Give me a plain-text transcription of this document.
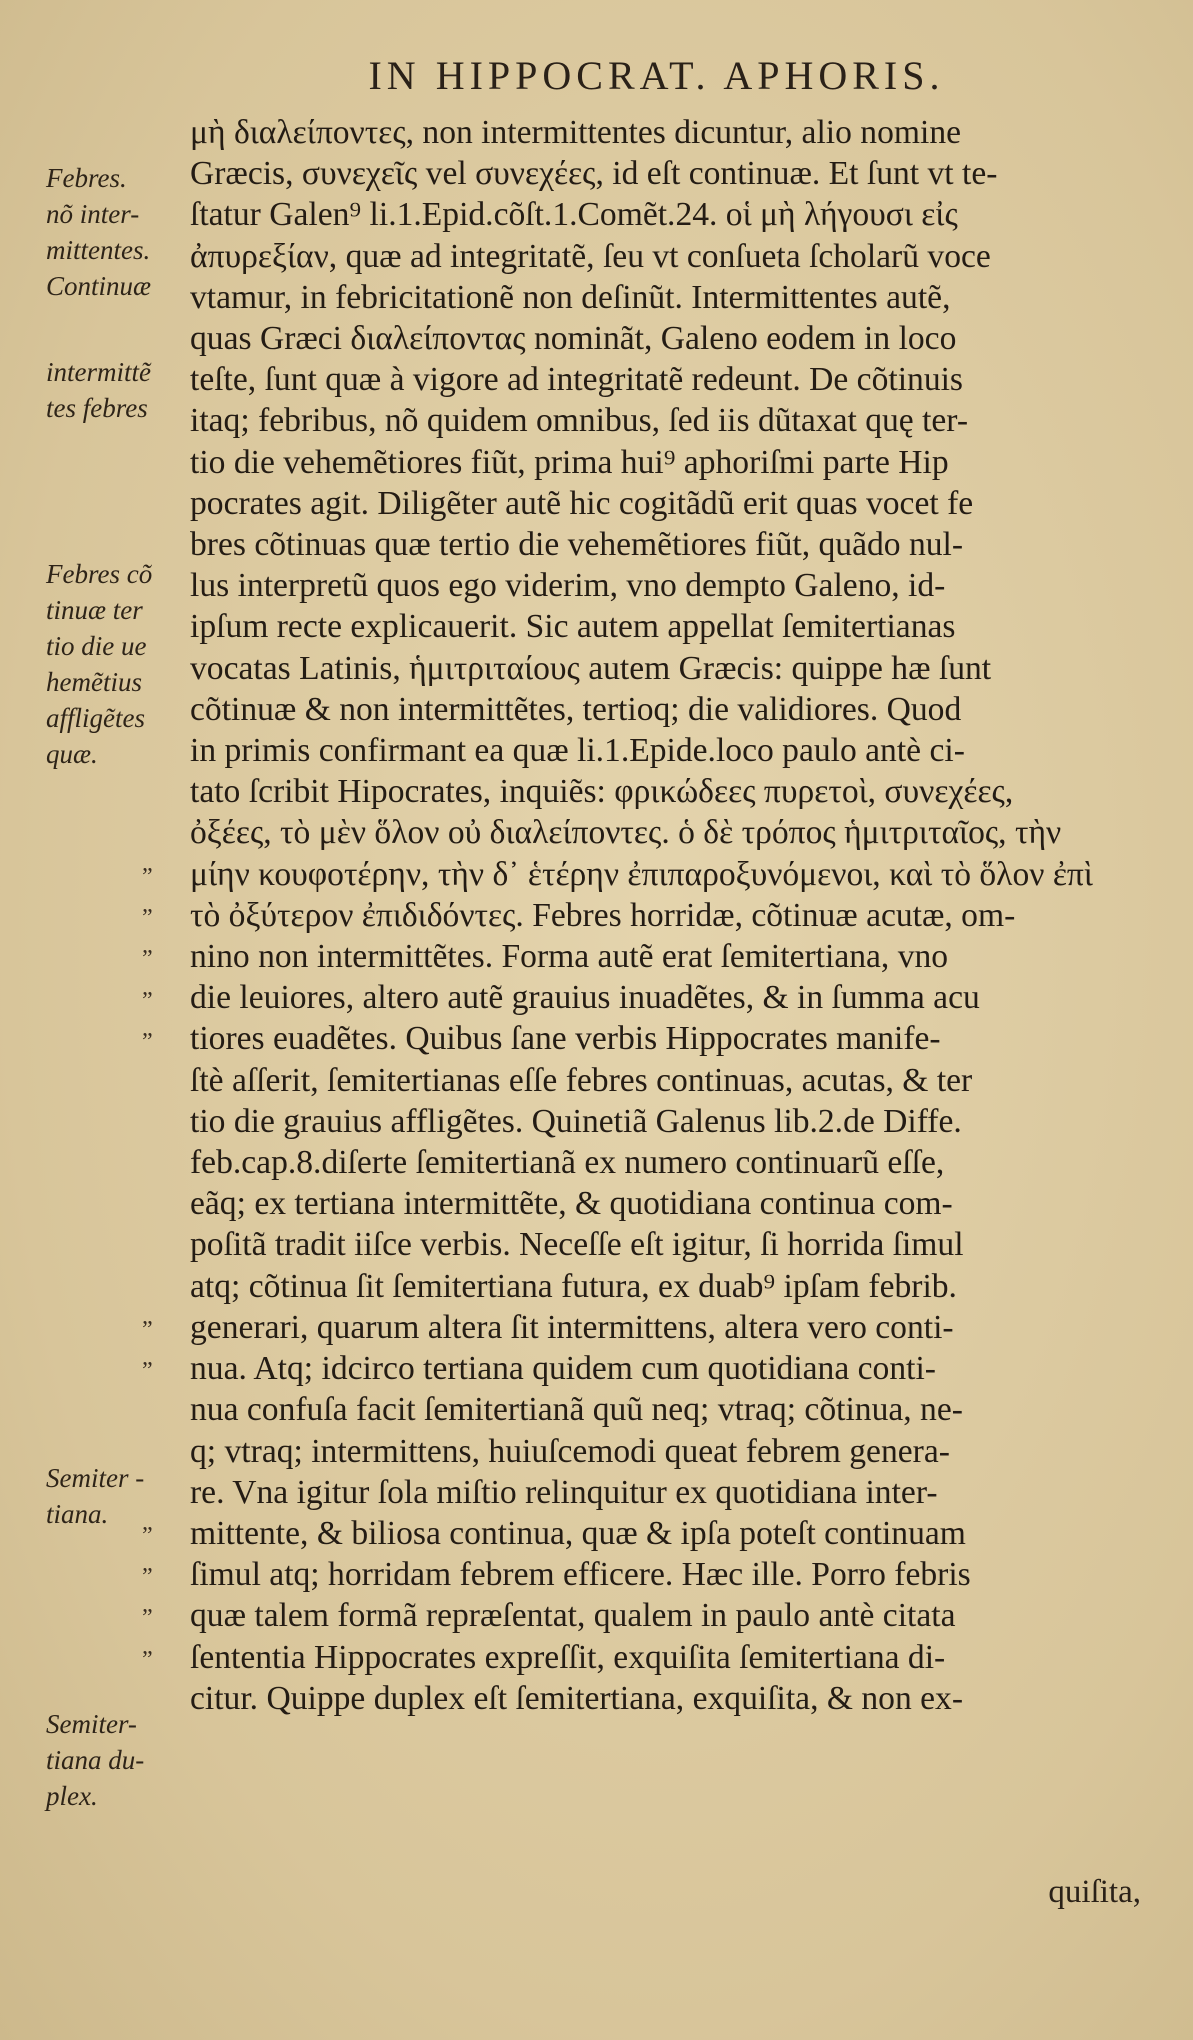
IN HIPPOCRAT. APHORIS.
Febres.
nõ inter-
mittentes.
Continuæ
intermittẽ
tes febres
Febres cõ
tinuæ ter
tio die ue
hemẽtius
affligẽtes
quæ.
Semiter -
tiana.
Semiter-
tiana du-
plex.
”
”
”
”
”
”
”
”
”
”
”
μὴ διαλείποντες, non intermittentes dicuntur, alio nomine
Græcis, συνεχεῖς vel συνεχέες, id eſt continuæ. Et ſunt vt te-
ſtatur Galen⁹ li.1.Epid.cõſt.1.Comẽt.24. οἱ μὴ λήγουσι εἰς
ἀπυρεξίαν, quæ ad integritatẽ, ſeu vt conſueta ſcholarũ voce
vtamur, in febricitationẽ non deſinũt. Intermittentes autẽ,
quas Græci διαλείποντας nominãt, Galeno eodem in loco
teſte, ſunt quæ à vigore ad integritatẽ redeunt. De cõtinuis
itaq; febribus, nõ quidem omnibus, ſed iis dũtaxat quę ter-
tio die vehemẽtiores fiũt, prima hui⁹ aphoriſmi parte Hip
pocrates agit. Diligẽter autẽ hic cogitãdũ erit quas vocet fe
bres cõtinuas quæ tertio die vehemẽtiores fiũt, quãdo nul-
lus interpretũ quos ego viderim, vno dempto Galeno, id-
ipſum recte explicauerit. Sic autem appellat ſemitertianas
vocatas Latinis, ἡμιτριταίους autem Græcis: quippe hæ ſunt
cõtinuæ & non intermittẽtes, tertioq; die validiores. Quod
in primis confirmant ea quæ li.1.Epide.loco paulo antè ci-
tato ſcribit Hipocrates, inquiẽs: φρικώδεες πυρετοὶ, συνεχέες,
ὀξέες, τὸ μὲν ὅλον οὐ διαλείποντες. ὁ δὲ τρόπος ἡμιτριταῖος, τὴν
μίην κουφοτέρην, τὴν δ᾽ ἑτέρην ἐπιπαροξυνόμενοι, καὶ τὸ ὅλον ἐπὶ
τὸ ὀξύτερον ἐπιδιδόντες. Febres horridæ, cõtinuæ acutæ, om-
nino non intermittẽtes. Forma autẽ erat ſemitertiana, vno
die leuiores, altero autẽ grauius inuadẽtes, & in ſumma acu
tiores euadẽtes. Quibus ſane verbis Hippocrates manife-
ſtè aſſerit, ſemitertianas eſſe febres continuas, acutas, & ter
tio die grauius affligẽtes. Quinetiã Galenus lib.2.de Diffe.
feb.cap.8.diſerte ſemitertianã ex numero continuarũ eſſe,
eãq; ex tertiana intermittẽte, & quotidiana continua com-
poſitã tradit iiſce verbis. Neceſſe eſt igitur, ſi horrida ſimul
atq; cõtinua ſit ſemitertiana futura, ex duab⁹ ipſam febrib.
generari, quarum altera ſit intermittens, altera vero conti-
nua. Atq; idcirco tertiana quidem cum quotidiana conti-
nua confuſa facit ſemitertianã quũ neq; vtraq; cõtinua, ne-
q; vtraq; intermittens, huiuſcemodi queat febrem genera-
re. Vna igitur ſola miſtio relinquitur ex quotidiana inter-
mittente, & biliosa continua, quæ & ipſa poteſt continuam
ſimul atq; horridam febrem efficere. Hæc ille. Porro febris
quæ talem formã repræſentat, qualem in paulo antè citata
ſententia Hippocrates expreſſit, exquiſita ſemitertiana di-
citur. Quippe duplex eſt ſemitertiana, exquiſita, & non ex-
quiſita,
